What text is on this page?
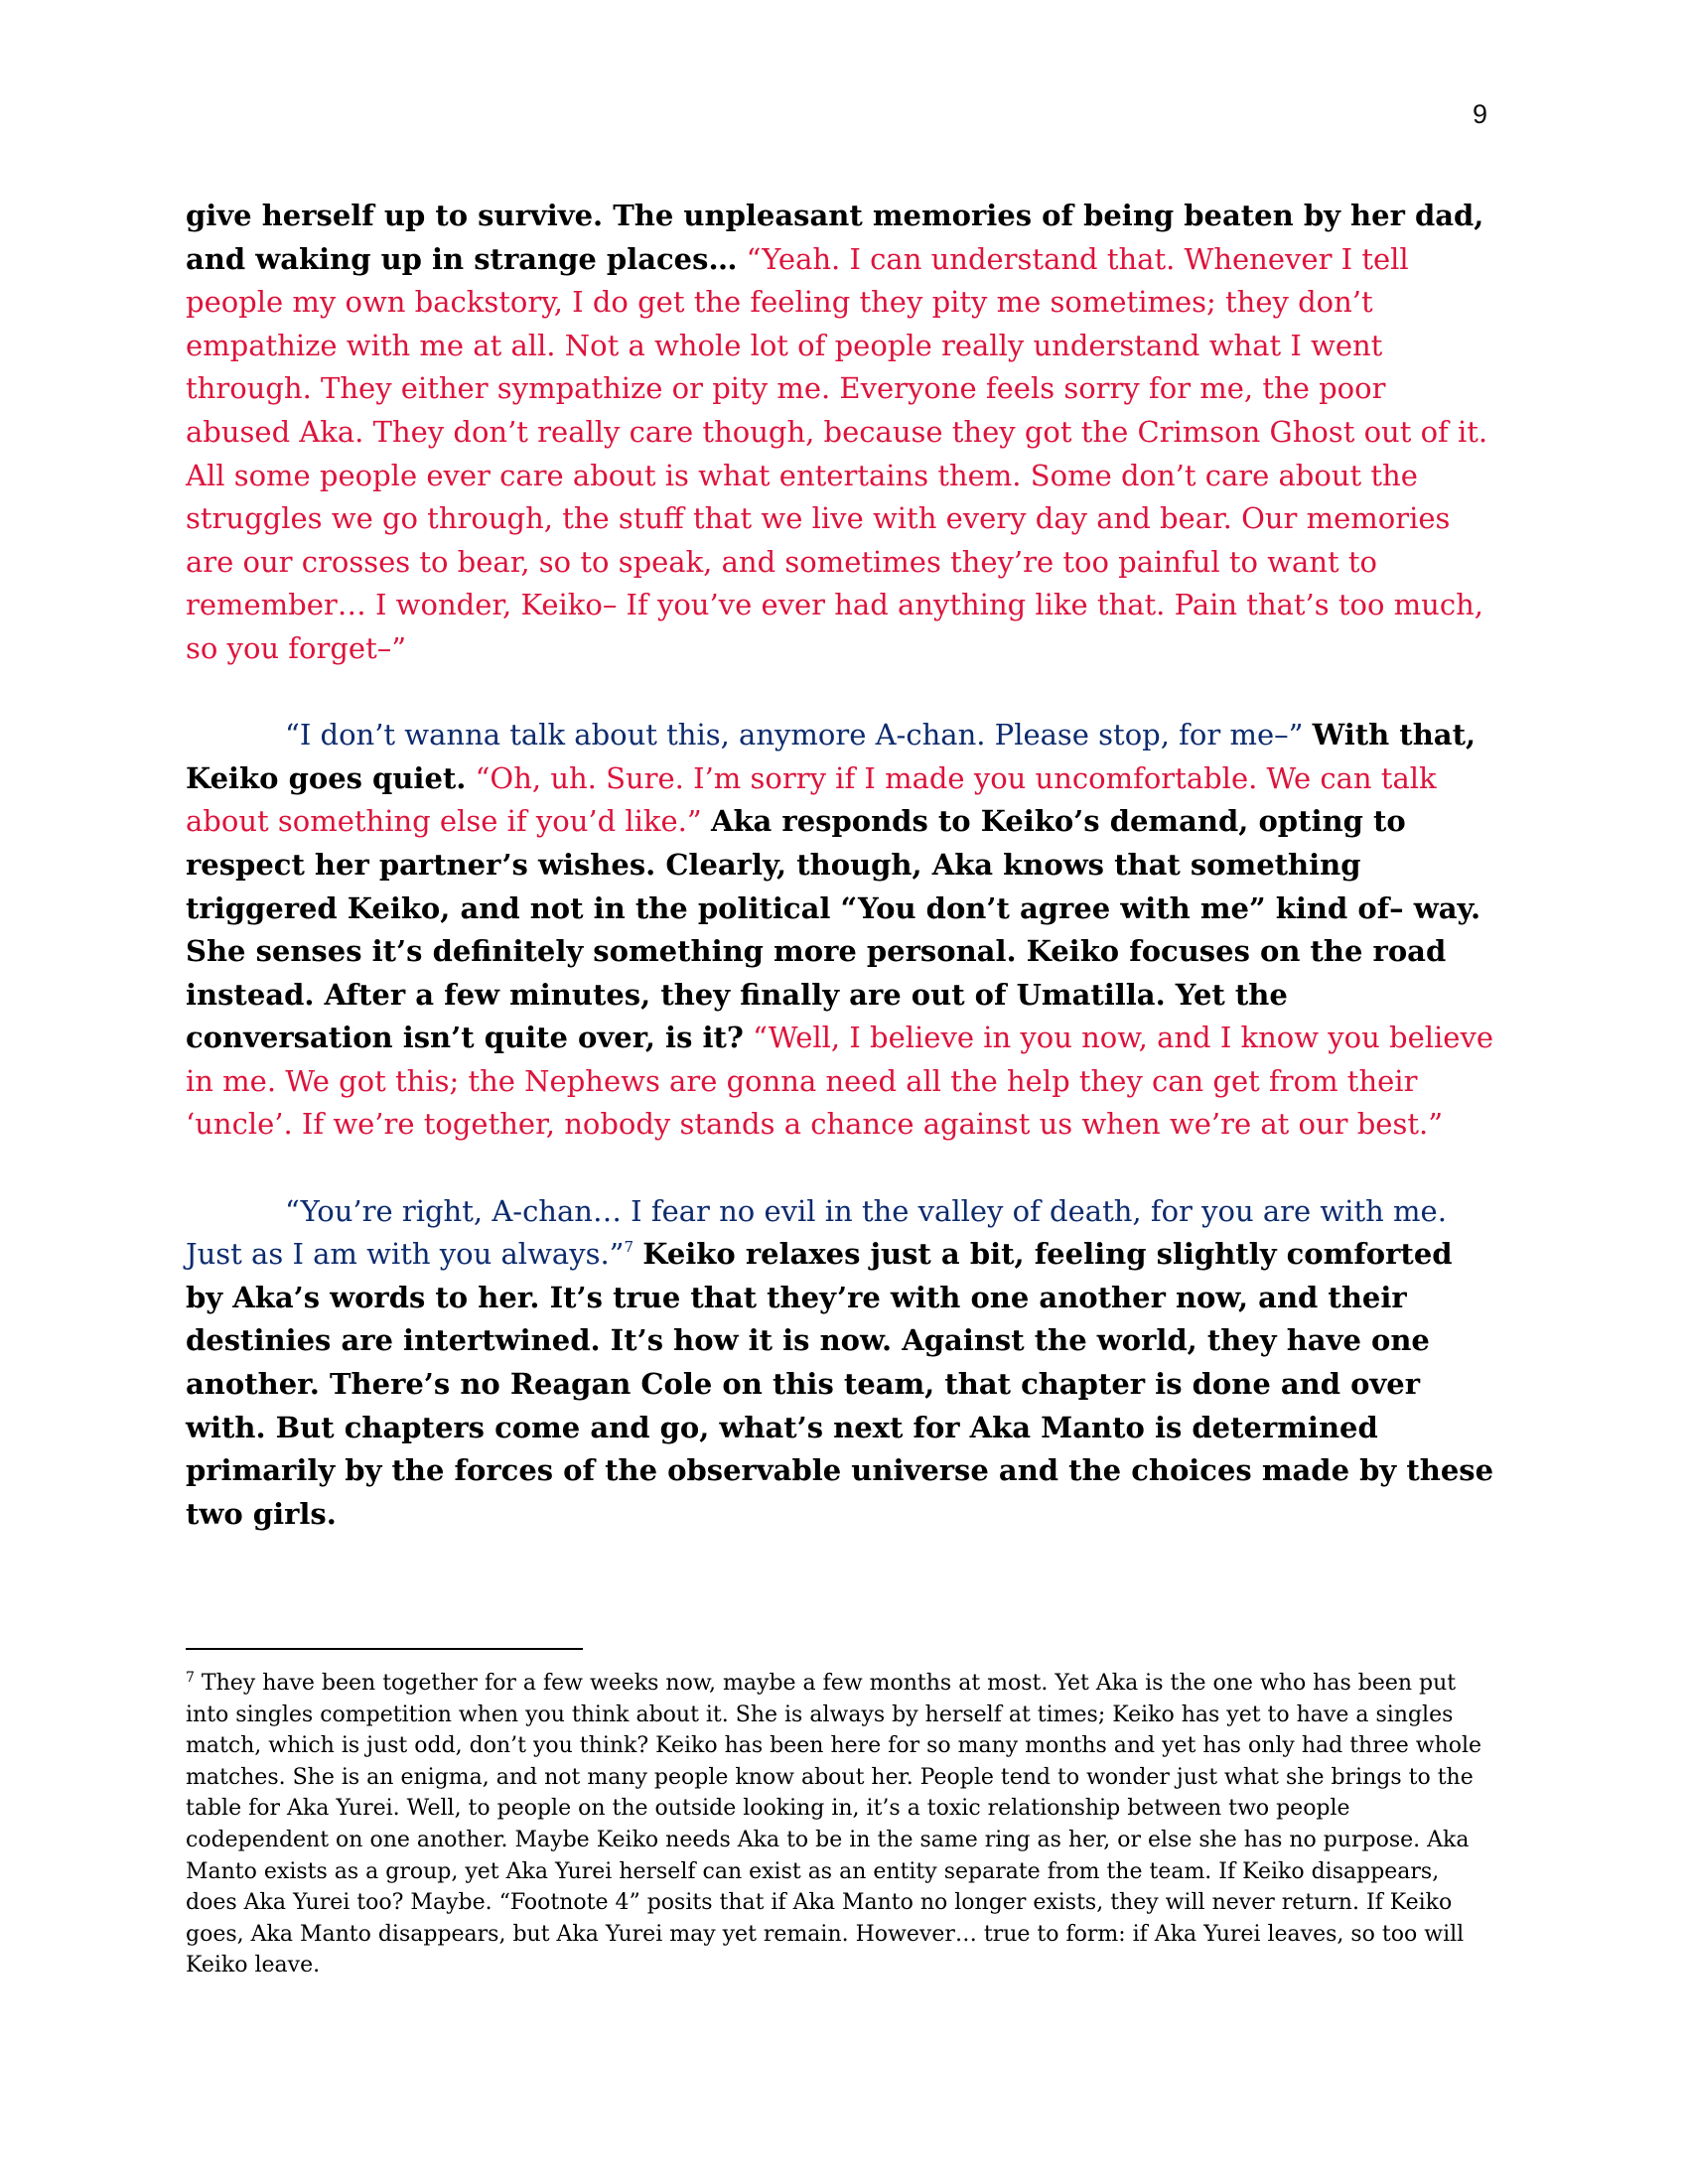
9

give herself up to survive. The unpleasant memories of being beaten by her dad, and waking up in strange places… “Yeah. I can understand that. Whenever I tell people my own backstory, I do get the feeling they pity me sometimes; they don’t empathize with me at all. Not a whole lot of people really understand what I went through. They either sympathize or pity me. Everyone feels sorry for me, the poor abused Aka. They don’t really care though, because they got the Crimson Ghost out of it. All some people ever care about is what entertains them. Some don’t care about the struggles we go through, the stuff that we live with every day and bear. Our memories are our crosses to bear, so to speak, and sometimes they’re too painful to want to remember… I wonder, Keiko– If you’ve ever had anything like that. Pain that’s too much, so you forget–”

“I don’t wanna talk about this, anymore A-chan. Please stop, for me–” With that, Keiko goes quiet. “Oh, uh. Sure. I’m sorry if I made you uncomfortable. We can talk about something else if you’d like.” Aka responds to Keiko’s demand, opting to respect her partner’s wishes. Clearly, though, Aka knows that something triggered Keiko, and not in the political “You don’t agree with me” kind of– way. She senses it’s definitely something more personal. Keiko focuses on the road instead. After a few minutes, they finally are out of Umatilla. Yet the conversation isn’t quite over, is it? “Well, I believe in you now, and I know you believe in me. We got this; the Nephews are gonna need all the help they can get from their ‘uncle’. If we’re together, nobody stands a chance against us when we’re at our best.”

“You’re right, A-chan… I fear no evil in the valley of death, for you are with me. Just as I am with you always.”$^7$ Keiko relaxes just a bit, feeling slightly comforted by Aka’s words to her. It’s true that they’re with one another now, and their destinies are intertwined. It’s how it is now. Against the world, they have one another. There’s no Reagan Cole on this team, that chapter is done and over with. But chapters come and go, what’s next for Aka Manto is determined primarily by the forces of the observable universe and the choices made by these two girls.

$^7$ They have been together for a few weeks now, maybe a few months at most. Yet Aka is the one who has been put into singles competition when you think about it. She is always by herself at times; Keiko has yet to have a singles match, which is just odd, don’t you think? Keiko has been here for so many months and yet has only had three whole matches. She is an enigma, and not many people know about her. People tend to wonder just what she brings to the table for Aka Yurei. Well, to people on the outside looking in, it’s a toxic relationship between two people codependent on one another. Maybe Keiko needs Aka to be in the same ring as her, or else she has no purpose. Aka Manto exists as a group, yet Aka Yurei herself can exist as an entity separate from the team. If Keiko disappears, does Aka Yurei too? Maybe. “Footnote 4” posits that if Aka Manto no longer exists, they will never return. If Keiko goes, Aka Manto disappears, but Aka Yurei may yet remain. However… true to form: if Aka Yurei leaves, so too will Keiko leave.
